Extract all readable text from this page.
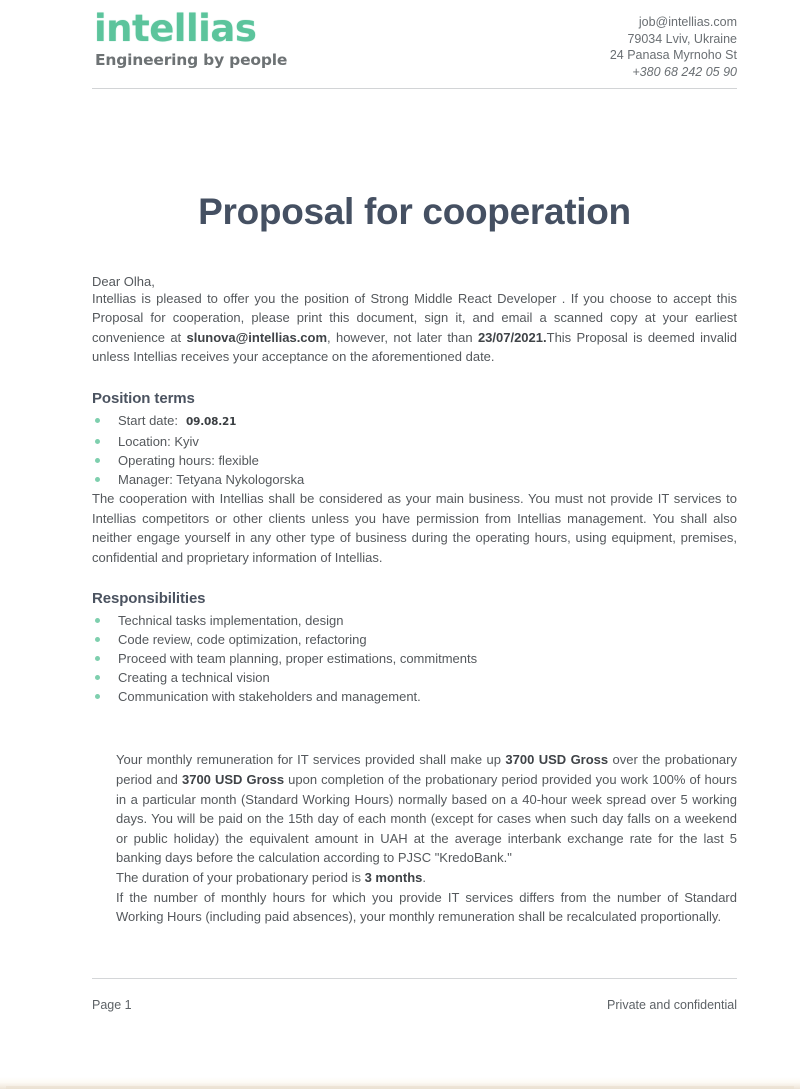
intellias
Engineering by people
job@intellias.com
79034 Lviv, Ukraine
24 Panasa Myrnoho St
+380 68 242 05 90
Proposal for cooperation
Dear Olha,

Intellias is pleased to offer you the position of Strong Middle React Developer . If you choose to accept this Proposal for cooperation, please print this document, sign it, and email a scanned copy at your earliest convenience at slunova@intellias.com, however, not later than 23/07/2021.This Proposal is deemed invalid unless Intellias receives your acceptance on the aforementioned date.

Position terms
Start date: 09.08.21
Location: Kyiv
Operating hours: flexible
Manager: Tetyana Nykologorska

The cooperation with Intellias shall be considered as your main business. You must not provide IT services to Intellias competitors or other clients unless you have permission from Intellias management. You shall also neither engage yourself in any other type of business during the operating hours, using equipment, premises, confidential and proprietary information of Intellias.

Responsibilities
Technical tasks implementation, design
Code review, code optimization, refactoring
Proceed with team planning, proper estimations, commitments
Creating a technical vision
Communication with stakeholders and management.

Your monthly remuneration for IT services provided shall make up 3700 USD Gross over the probationary period and 3700 USD Gross upon completion of the probationary period provided you work 100% of hours in a particular month (Standard Working Hours) normally based on a 40-hour week spread over 5 working days. You will be paid on the 15th day of each month (except for cases when such day falls on a weekend or public holiday) the equivalent amount in UAH at the average interbank exchange rate for the last 5 banking days before the calculation according to PJSC "KredoBank."

The duration of your probationary period is 3 months.

If the number of monthly hours for which you provide IT services differs from the number of Standard Working Hours (including paid absences), your monthly remuneration shall be recalculated proportionally.

Page 1	Private and confidential
